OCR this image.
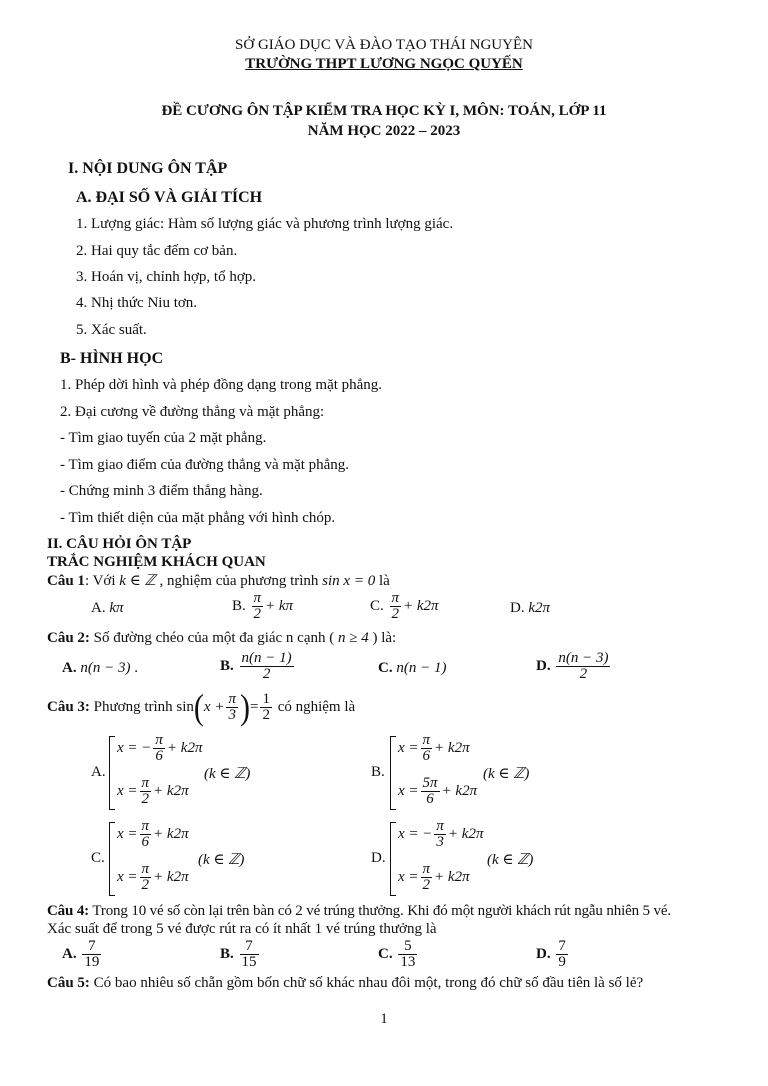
SỞ GIÁO DỤC VÀ ĐÀO TẠO THÁI NGUYÊN
TRƯỜNG THPT LƯƠNG NGỌC QUYẾN
ĐỀ CƯƠNG ÔN TẬP KIỂM TRA HỌC KỲ I, MÔN: TOÁN, LỚP 11
NĂM HỌC 2022 – 2023
I. NỘI DUNG ÔN TẬP
A. ĐẠI SỐ VÀ GIẢI TÍCH
1. Lượng giác: Hàm số lượng giác và phương trình lượng giác.
2. Hai quy tắc đếm cơ bản.
3. Hoán vị, chỉnh hợp, tổ hợp.
4. Nhị thức Niu tơn.
5. Xác suất.
B- HÌNH HỌC
1. Phép dời hình và phép đồng dạng trong mặt phẳng.
2. Đại cương về đường thẳng và mặt phẳng:
- Tìm giao tuyến của 2 mặt phẳng.
- Tìm giao điểm của đường thẳng và mặt phẳng.
- Chứng minh 3 điểm thẳng hàng.
- Tìm thiết diện của mặt phẳng với hình chóp.
II. CÂU HỎI ÔN TẬP
TRẮC NGHIỆM KHÁCH QUAN
Câu 1: Với k ∈ ℤ , nghiệm của phương trình sin x = 0 là
A. kπ	B. $\frac{\pi}{2} + k\pi$	C. $\frac{\pi}{2} + k2\pi$	D. k2π
Câu 2: Số đường chéo của một đa giác n cạnh ( n ≥ 4 ) là:
A. n(n − 3) .	B. $\frac{n(n - 1)}{2}$	C. n(n − 1)	D. $\frac{n(n - 3)}{2}$
Câu 3: Phương trình $\sin(x + \frac{\pi}{3}$ )= $\frac{1}{2}$ có nghiệm là
A.
x = − $\frac{\pi}{6} + k2\pi$
$x = \frac{\pi}{2} + k2\pi$
(k ∈ ℤ)	B.
$x = \frac{\pi}{6} + k2\pi$
$x = \frac{5\pi}{6} + k2\pi$
(k ∈ ℤ)
C.
$x = \frac{\pi}{6} + k2\pi$
$x = \frac{\pi}{2} + k2\pi$
(k ∈ ℤ)	D.
x = − $\frac{\pi}{3} + k2\pi$
$x = \frac{\pi}{2} + k2\pi$
(k ∈ ℤ)
Câu 4: Trong 10 vé số còn lại trên bàn có 2 vé trúng thưởng. Khi đó một người khách rút ngẫu nhiên 5 vé.
Xác suất để trong 5 vé được rút ra có ít nhất 1 vé trúng thưởng là
A. $\frac{7}{19}$	B. $\frac{7}{15}$	C. $\frac{5}{13}$	D. $\frac{7}{9}$
Câu 5: Có bao nhiêu số chẵn gồm bốn chữ số khác nhau đôi một, trong đó chữ số đầu tiên là số lẻ?
1
